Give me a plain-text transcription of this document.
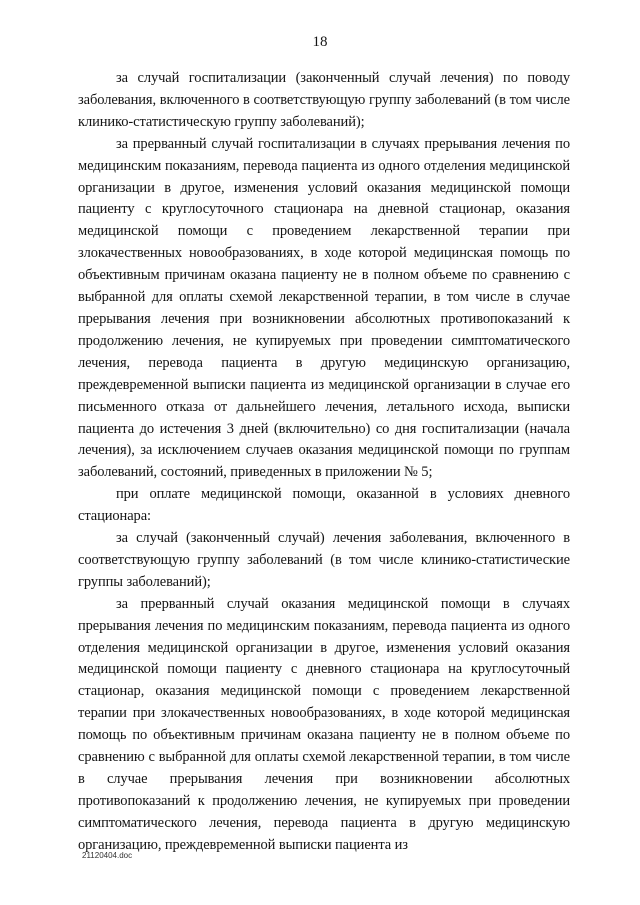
18

за случай госпитализации (законченный случай лечения) по поводу заболевания, включенного в соответствующую группу заболеваний (в том числе клинико-статистическую группу заболеваний);

за прерванный случай госпитализации в случаях прерывания лечения по медицинским показаниям, перевода пациента из одного отделения медицинской организации в другое, изменения условий оказания медицинской помощи пациенту с круглосуточного стационара на дневной стационар, оказания медицинской помощи с проведением лекарственной терапии при злокачественных новообразованиях, в ходе которой медицинская помощь по объективным причинам оказана пациенту не в полном объеме по сравнению с выбранной для оплаты схемой лекарственной терапии, в том числе в случае прерывания лечения при возникновении абсолютных противопоказаний к продолжению лечения, не купируемых при проведении симптоматического лечения, перевода пациента в другую медицинскую организацию, преждевременной выписки пациента из медицинской организации в случае его письменного отказа от дальнейшего лечения, летального исхода, выписки пациента до истечения 3 дней (включительно) со дня госпитализации (начала лечения), за исключением случаев оказания медицинской помощи по группам заболеваний, состояний, приведенных в приложении № 5;

при оплате медицинской помощи, оказанной в условиях дневного стационара:

за случай (законченный случай) лечения заболевания, включенного в соответствующую группу заболеваний (в том числе клинико-статистические группы заболеваний);

за прерванный случай оказания медицинской помощи в случаях прерывания лечения по медицинским показаниям, перевода пациента из одного отделения медицинской организации в другое, изменения условий оказания медицинской помощи пациенту с дневного стационара на круглосуточный стационар, оказания медицинской помощи с проведением лекарственной терапии при злокачественных новообразованиях, в ходе которой медицинская помощь по объективным причинам оказана пациенту не в полном объеме по сравнению с выбранной для оплаты схемой лекарственной терапии, в том числе в случае прерывания лечения при возникновении абсолютных противопоказаний к продолжению лечения, не купируемых при проведении симптоматического лечения, перевода пациента в другую медицинскую организацию, преждевременной выписки пациента из

21120404.doc
